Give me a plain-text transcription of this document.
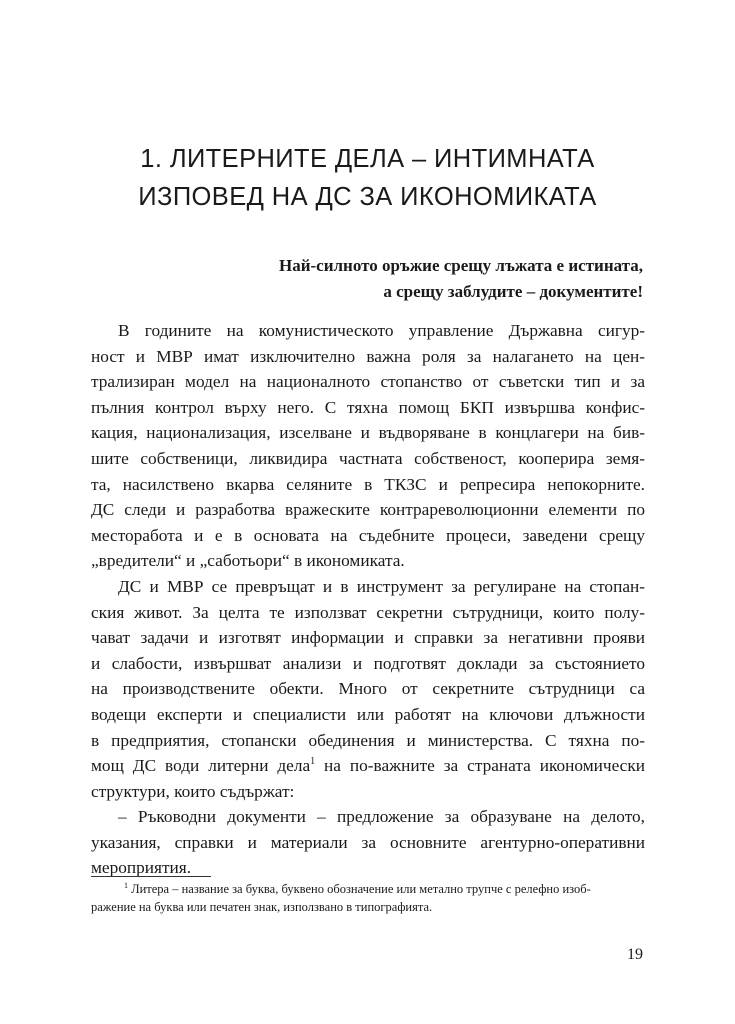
1. ЛИТЕРНИТЕ ДЕЛА – ИНТИМНАТА
ИЗПОВЕД НА ДС ЗА ИКОНОМИКАТА
Най-силното оръжие срещу лъжата е истината,
а срещу заблудите – документите!
В годините на комунистическото управление Държавна сигур-
ност и МВР имат изключително важна роля за налагането на цен-
трализиран модел на националното стопанство от съветски тип и за
пълния контрол върху него. С тяхна помощ БКП извършва конфис-
кация, национализация, изселване и въдворяване в концлагери на бив-
шите собственици, ликвидира частната собственост, кооперира земя-
та, насилствено вкарва селяните в ТКЗС и репресира непокорните.
ДС следи и разработва вражеските контрареволюционни елементи по
месторабота и е в основата на съдебните процеси, заведени срещу
„вредители“ и „саботьори“ в икономиката.
ДС и МВР се превръщат и в инструмент за регулиране на стопан-
ския живот. За целта те използват секретни сътрудници, които полу-
чават задачи и изготвят информации и справки за негативни прояви
и слабости, извършват анализи и подготвят доклади за състоянието
на производствените обекти. Много от секретните сътрудници са
водещи експерти и специалисти или работят на ключови длъжности
в предприятия, стопански обединения и министерства. С тяхна по-
мощ ДС води литерни дела$^1$ на по-важните за страната икономически
структури, които съдържат:
– Ръководни документи – предложение за образуване на делото,
указания, справки и материали за основните агентурно-оперативни
мероприятия.
$^1$ Литера – название за буква, буквено обозначение или метално трупче с релефно изоб-
ражение на буква или печатен знак, използвано в типографията.
19
